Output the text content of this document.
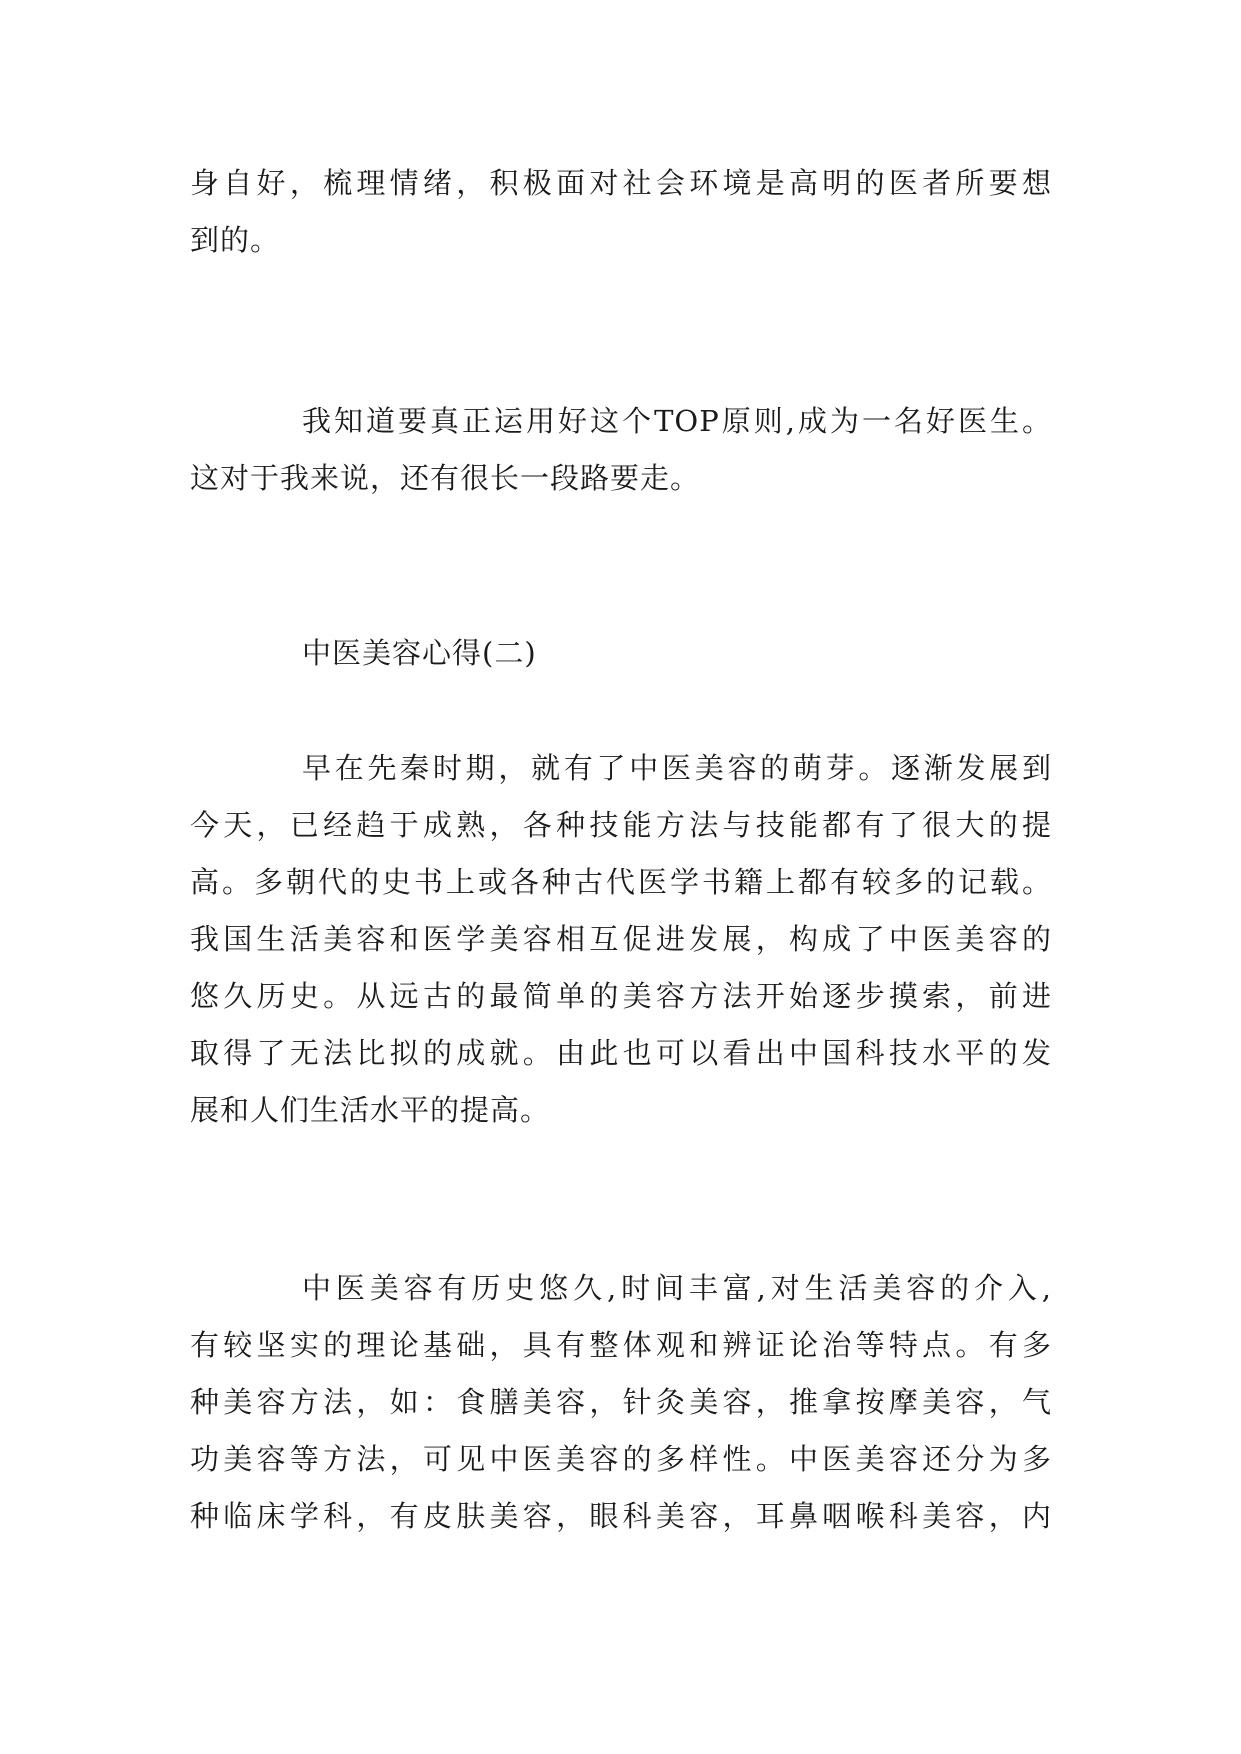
身自好，梳理情绪，积极面对社会环境是高明的医者所要想
到的。
我知道要真正运用好这个TOP原则,成为一名好医生。
这对于我来说，还有很长一段路要走。
中医美容心得(二)
早在先秦时期，就有了中医美容的萌芽。逐渐发展到
今天，已经趋于成熟，各种技能方法与技能都有了很大的提
高。多朝代的史书上或各种古代医学书籍上都有较多的记载。
我国生活美容和医学美容相互促进发展，构成了中医美容的
悠久历史。从远古的最简单的美容方法开始逐步摸索，前进
取得了无法比拟的成就。由此也可以看出中国科技水平的发
展和人们生活水平的提高。
中医美容有历史悠久,时间丰富,对生活美容的介入,
有较坚实的理论基础，具有整体观和辨证论治等特点。有多
种美容方法，如：食膳美容，针灸美容，推拿按摩美容，气
功美容等方法，可见中医美容的多样性。中医美容还分为多
种临床学科，有皮肤美容，眼科美容，耳鼻咽喉科美容，内
